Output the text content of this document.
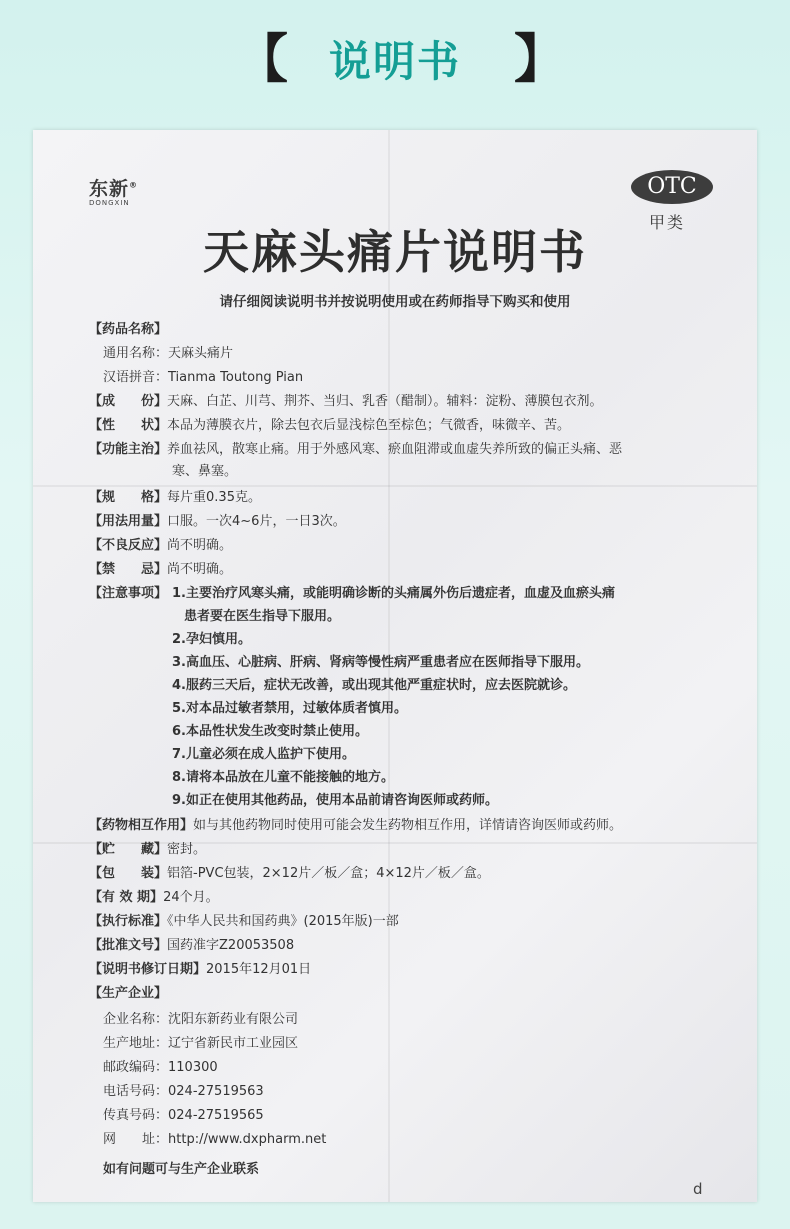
【 说明书	】
东新®
DONGXIN
OTC
甲类
天麻头痛片说明书
请仔细阅读说明书并按说明使用或在药师指导下购买和使用
【药品名称】
通用名称：天麻头痛片
汉语拼音：Tianma Toutong Pian
【成　　份】天麻、白芷、川芎、荆芥、当归、乳香（醋制）。辅料：淀粉、薄膜包衣剂。
【性　　状】本品为薄膜衣片，除去包衣后显浅棕色至棕色；气微香，味微辛、苦。
【功能主治】养血祛风，散寒止痛。用于外感风寒、瘀血阻滞或血虚失养所致的偏正头痛、恶
寒、鼻塞。
【规　　格】每片重0.35克。
【用法用量】口服。一次4~6片，一日3次。
【不良反应】尚不明确。
【禁　　忌】尚不明确。
【注意事项】 1.主要治疗风寒头痛，或能明确诊断的头痛属外伤后遗症者，血虚及血瘀头痛
患者要在医生指导下服用。
2.孕妇慎用。
3.高血压、心脏病、肝病、肾病等慢性病严重患者应在医师指导下服用。
4.服药三天后，症状无改善，或出现其他严重症状时，应去医院就诊。
5.对本品过敏者禁用，过敏体质者慎用。
6.本品性状发生改变时禁止使用。
7.儿童必须在成人监护下使用。
8.请将本品放在儿童不能接触的地方。
9.如正在使用其他药品，使用本品前请咨询医师或药师。
【药物相互作用】如与其他药物同时使用可能会发生药物相互作用，详情请咨询医师或药师。
【贮　　藏】密封。
【包　　装】铝箔-PVC包装，2×12片／板／盒；4×12片／板／盒。
【有 效 期】24个月。
【执行标准】《中华人民共和国药典》(2015年版)一部
【批准文号】国药准字Z20053508
【说明书修订日期】2015年12月01日
【生产企业】
企业名称：沈阳东新药业有限公司
生产地址：辽宁省新民市工业园区
邮政编码：110300
电话号码：024-27519563
传真号码：024-27519565
网　　址：http://www.dxpharm.net
如有问题可与生产企业联系
d
